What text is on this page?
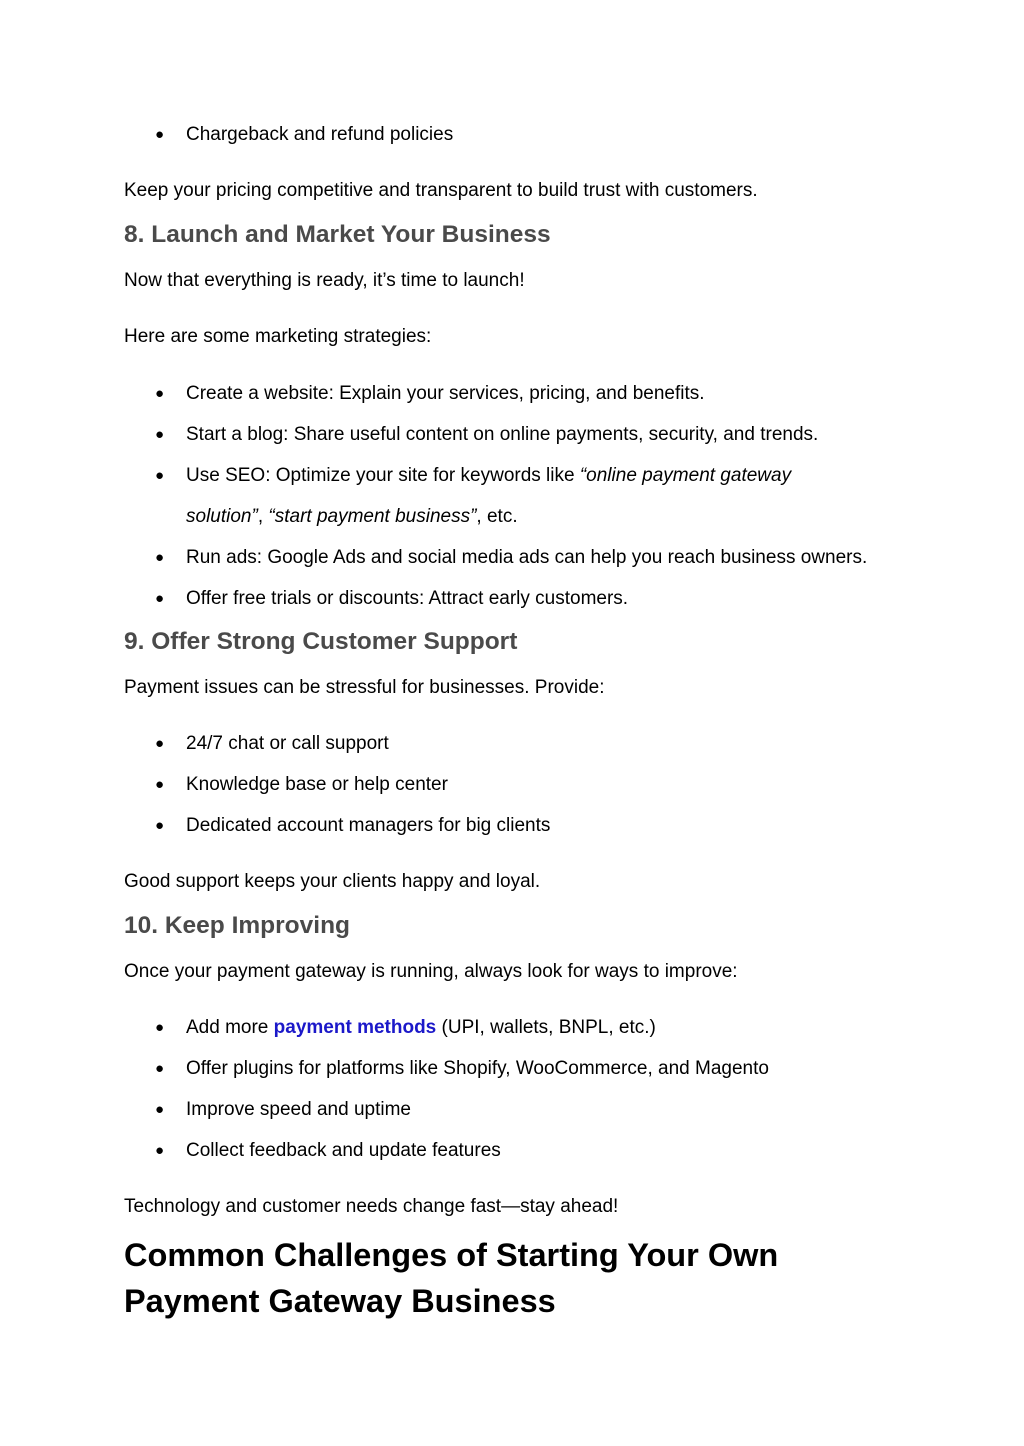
● Chargeback and refund policies

Keep your pricing competitive and transparent to build trust with customers.

8. Launch and Market Your Business

Now that everything is ready, it’s time to launch!

Here are some marketing strategies:

● Create a website: Explain your services, pricing, and benefits.

● Start a blog: Share useful content on online payments, security, and trends.

● Use SEO: Optimize your site for keywords like “online payment gateway

solution”, “start payment business”, etc.

● Run ads: Google Ads and social media ads can help you reach business owners.

● Offer free trials or discounts: Attract early customers.

9. Offer Strong Customer Support

Payment issues can be stressful for businesses. Provide:

● 24/7 chat or call support

● Knowledge base or help center

● Dedicated account managers for big clients

Good support keeps your clients happy and loyal.

10. Keep Improving

Once your payment gateway is running, always look for ways to improve:

● Add more payment methods (UPI, wallets, BNPL, etc.)

● Offer plugins for platforms like Shopify, WooCommerce, and Magento

● Improve speed and uptime

● Collect feedback and update features

Technology and customer needs change fast—stay ahead!

Common Challenges of Starting Your Own
Payment Gateway Business
